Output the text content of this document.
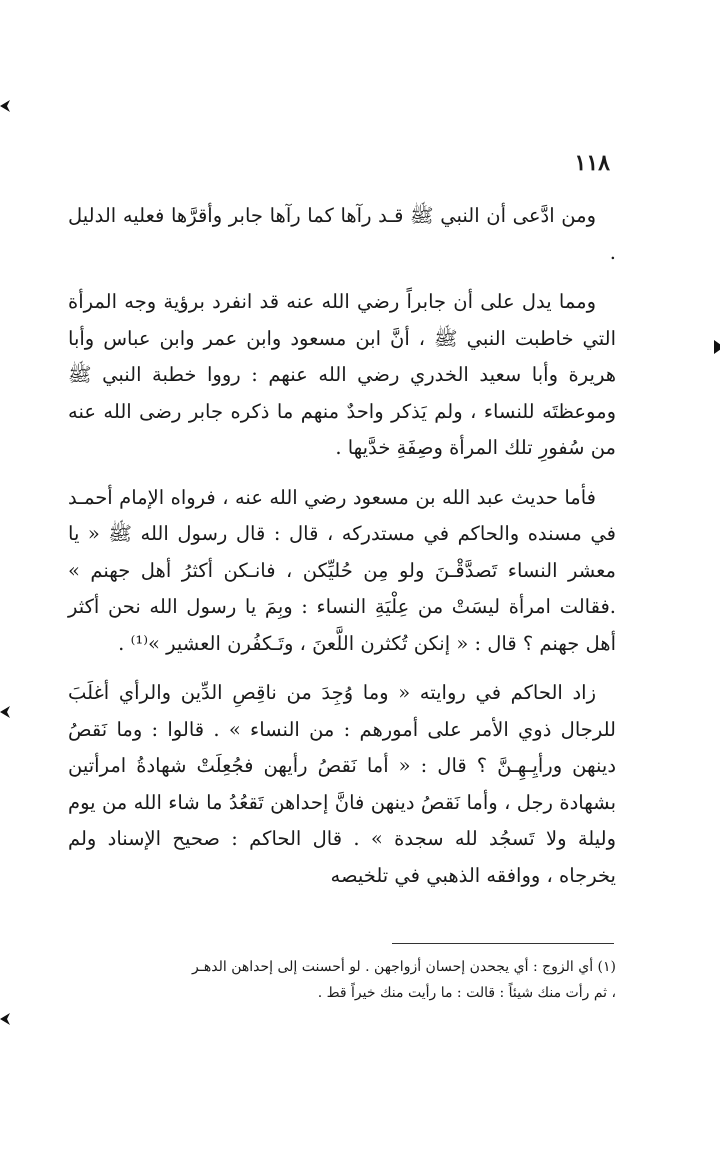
١١٨

ومن ادَّعى أن النبي ﷺ قـد رآها كما رآها جابر وأقرَّها فعليه الدليل .

ومما يدل على أن جابراً رضي الله عنه قد انفرد برؤية وجه المرأة التي خاطبت النبي ﷺ ، أنَّ ابن مسعود وابن عمر وابن عباس وأبا هريرة وأبا سعيد الخدري رضي الله عنهم : رووا خطبة النبي ﷺ وموعظتَه للنساء ، ولم يَذكر واحدٌ منهم ما ذكره جابر رضى الله عنه من سُفورِ تلك المرأة وصِفَةِ خدَّيها .

فأما حديث عبد الله بن مسعود رضي الله عنه ، فرواه الإمام أحمـد في مسنده والحاكم في مستدركه ، قال : قال رسول الله ﷺ « يا معشر النساء تَصدَّقْـنَ ولو مِن حُليِّكن ، فانـكن أكثرُ أهل جهنم » .فقالت امرأة ليسَتْ من عِلْيَةِ النساء : وبِمَ يا رسول الله نحن أكثر أهل جهنم ؟ قال : « إنكن تُكثرن اللَّعنَ ، وتَـكفُرن العشير »⁽¹⁾ .

زاد الحاكم في روايته « وما وُجِدَ من ناقِصِ الدِّين والرأي أغلَبَ للرجال ذوي الأمر على أمورهم : من النساء » . قالوا : وما نَقصُ دينهن ورأيِـهِـنَّ ؟ قال : « أما نَقصُ رأيهن فجُعِلَتْ شهادةُ امرأتين بشهادة رجل ، وأما نَقصُ دينهن فانَّ إحداهن تَقعُدُ ما شاء الله من يوم وليلة ولا تَسجُد لله سجدة » . قال الحاكم : صحيح الإسناد ولم يخرجاه ، ووافقه الذهبي في تلخيصه

(١) أي الزوج : أي يجحدن إحسان أزواجهن . لو أحسنت إلى إحداهن الدهـر ، ثم رأت منك شيئاً : قالت : ما رأيت منك خيراً قط .
